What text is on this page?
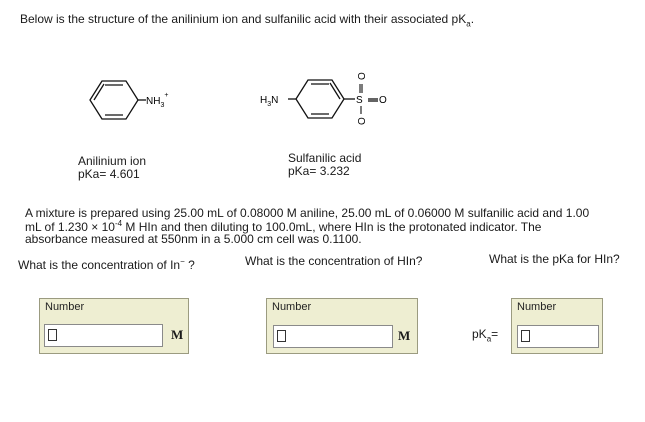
Below is the structure of the anilinium ion and sulfanilic acid with their associated $pK_a$.
$NH_3^+$
Anilinium ion
pKa= 4.601
$H_3N$	S O
O
O
Sulfanilic acid
pKa= 3.232
A mixture is prepared using 25.00 mL of 0.08000 M aniline, 25.00 mL of 0.06000 M sulfanilic acid and 1.00
mL of $1.230 \times 10^{-4}$ M HIn and then diluting to 100.0mL, where HIn is the protonated indicator. The
absorbance measured at 550nm in a 5.000 cm cell was 0.1100.
What is the concentration of In− ?	What is the concentration of HIn?	What is the pKa for HIn?
Number
M
Number
M	$pK_a=$
Number
